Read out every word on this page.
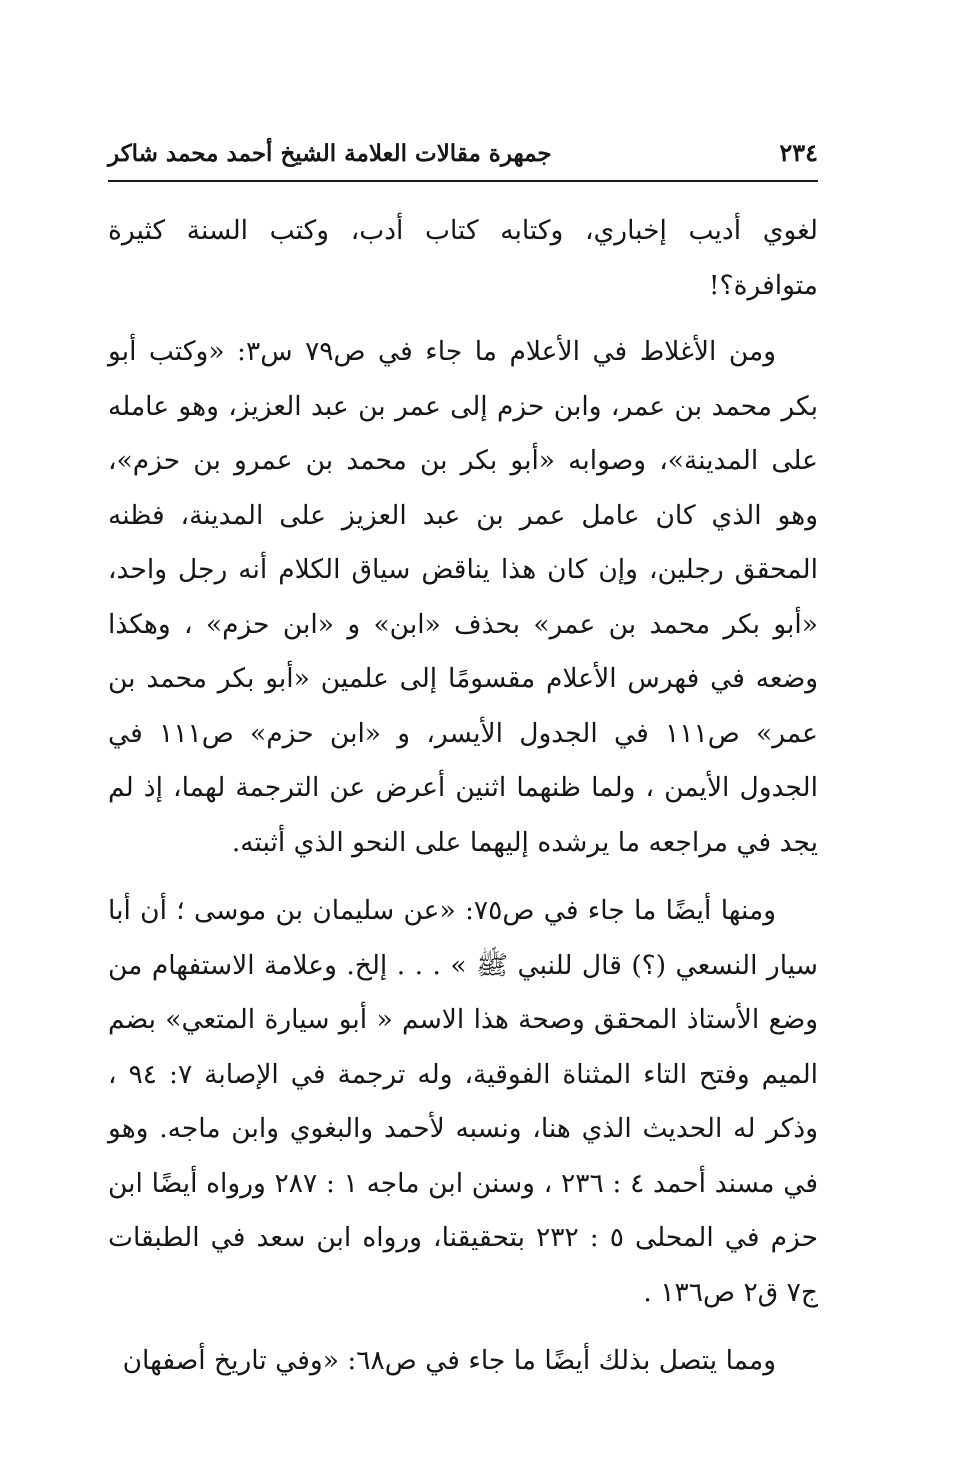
٢٣٤
جمهرة مقالات العلامة الشيخ أحمد محمد شاكر

لغوي أديب إخباري، وكتابه كتاب أدب، وكتب السنة كثيرة متوافرة؟!

ومن الأغلاط في الأعلام ما جاء في ص٧٩ س٣: «وكتب أبو بكر محمد بن عمر، وابن حزم إلى عمر بن عبد العزيز، وهو عامله على المدينة»، وصوابه «أبو بكر بن محمد بن عمرو بن حزم»، وهو الذي كان عامل عمر بن عبد العزيز على المدينة، فظنه المحقق رجلين، وإن كان هذا يناقض سياق الكلام أنه رجل واحد، «أبو بكر محمد بن عمر» بحذف «ابن» و «ابن حزم» ، وهكذا وضعه في فهرس الأعلام مقسومًا إلى علمين «أبو بكر محمد بن عمر» ص١١١ في الجدول الأيسر، و «ابن حزم» ص١١١ في الجدول الأيمن ، ولما ظنهما اثنين أعرض عن الترجمة لهما، إذ لم يجد في مراجعه ما يرشده إليهما على النحو الذي أثبته.

ومنها أيضًا ما جاء في ص٧٥: «عن سليمان بن موسى ؛ أن أبا سيار النسعي (؟) قال للنبي ﷺ » . . . إلخ. وعلامة الاستفهام من وضع الأستاذ المحقق وصحة هذا الاسم « أبو سيارة المتعي» بضم الميم وفتح التاء المثناة الفوقية، وله ترجمة في الإصابة ٧: ٩٤ ، وذكر له الحديث الذي هنا، ونسبه لأحمد والبغوي وابن ماجه. وهو في مسند أحمد ٤ : ٢٣٦ ، وسنن ابن ماجه ١ : ٢٨٧ ورواه أيضًا ابن حزم في المحلى ٥ : ٢٣٢ بتحقيقنا، ورواه ابن سعد في الطبقات ج٧ ق٢ ص١٣٦ .

ومما يتصل بذلك أيضًا ما جاء في ص٦٨: «وفي تاريخ أصفهان
